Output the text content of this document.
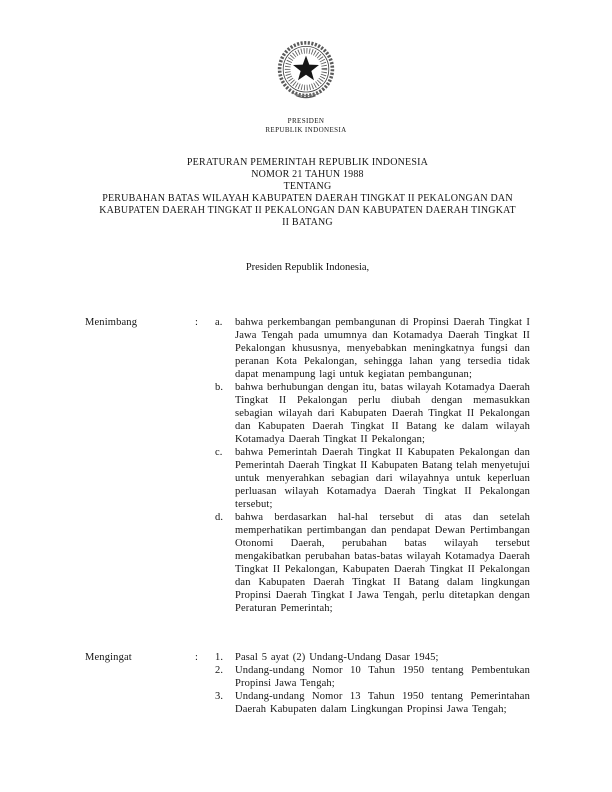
PRESIDEN
REPUBLIK INDONESIA
PERATURAN PEMERINTAH REPUBLIK INDONESIA
NOMOR 21 TAHUN 1988
TENTANG
PERUBAHAN BATAS WILAYAH KABUPATEN DAERAH TINGKAT II PEKALONGAN DAN
KABUPATEN DAERAH TINGKAT II PEKALONGAN DAN KABUPATEN DAERAH TINGKAT
II BATANG
Presiden Republik Indonesia,
Menimbang	:	a.	bahwa perkembangan pembangunan di Propinsi Daerah Tingkat I Jawa Tengah pada umumnya dan Kotamadya Daerah Tingkat II Pekalongan khususnya, menyebabkan meningkatnya fungsi dan peranan Kota Pekalongan, sehingga lahan yang tersedia tidak dapat menampung lagi untuk kegiatan pembangunan;
b.	bahwa berhubungan dengan itu, batas wilayah Kotamadya Daerah Tingkat II Pekalongan perlu diubah dengan memasukkan sebagian wilayah dari Kabupaten Daerah Tingkat II Pekalongan dan Kabupaten Daerah Tingkat II Batang ke dalam wilayah Kotamadya Daerah Tingkat II Pekalongan;
c.	bahwa Pemerintah Daerah Tingkat II Kabupaten Pekalongan dan Pemerintah Daerah Tingkat II Kabupaten Batang telah menyetujui untuk menyerahkan sebagian dari wilayahnya untuk keperluan perluasan wilayah Kotamadya Daerah Tingkat II Pekalongan tersebut;
d.	bahwa berdasarkan hal-hal tersebut di atas dan setelah memperhatikan pertimbangan dan pendapat Dewan Pertimbangan Otonomi Daerah, perubahan batas wilayah tersebut mengakibatkan perubahan batas-batas wilayah Kotamadya Daerah Tingkat II Pekalongan, Kabupaten Daerah Tingkat II Pekalongan dan Kabupaten Daerah Tingkat II Batang dalam lingkungan Propinsi Daerah Tingkat I Jawa Tengah, perlu ditetapkan dengan Peraturan Pemerintah;
Mengingat	:	1.	Pasal 5 ayat (2) Undang-Undang Dasar 1945;
2.	Undang-undang Nomor 10 Tahun 1950 tentang Pembentukan Propinsi Jawa Tengah;
3.	Undang-undang Nomor 13 Tahun 1950 tentang Pemerintahan Daerah Kabupaten dalam Lingkungan Propinsi Jawa Tengah;
